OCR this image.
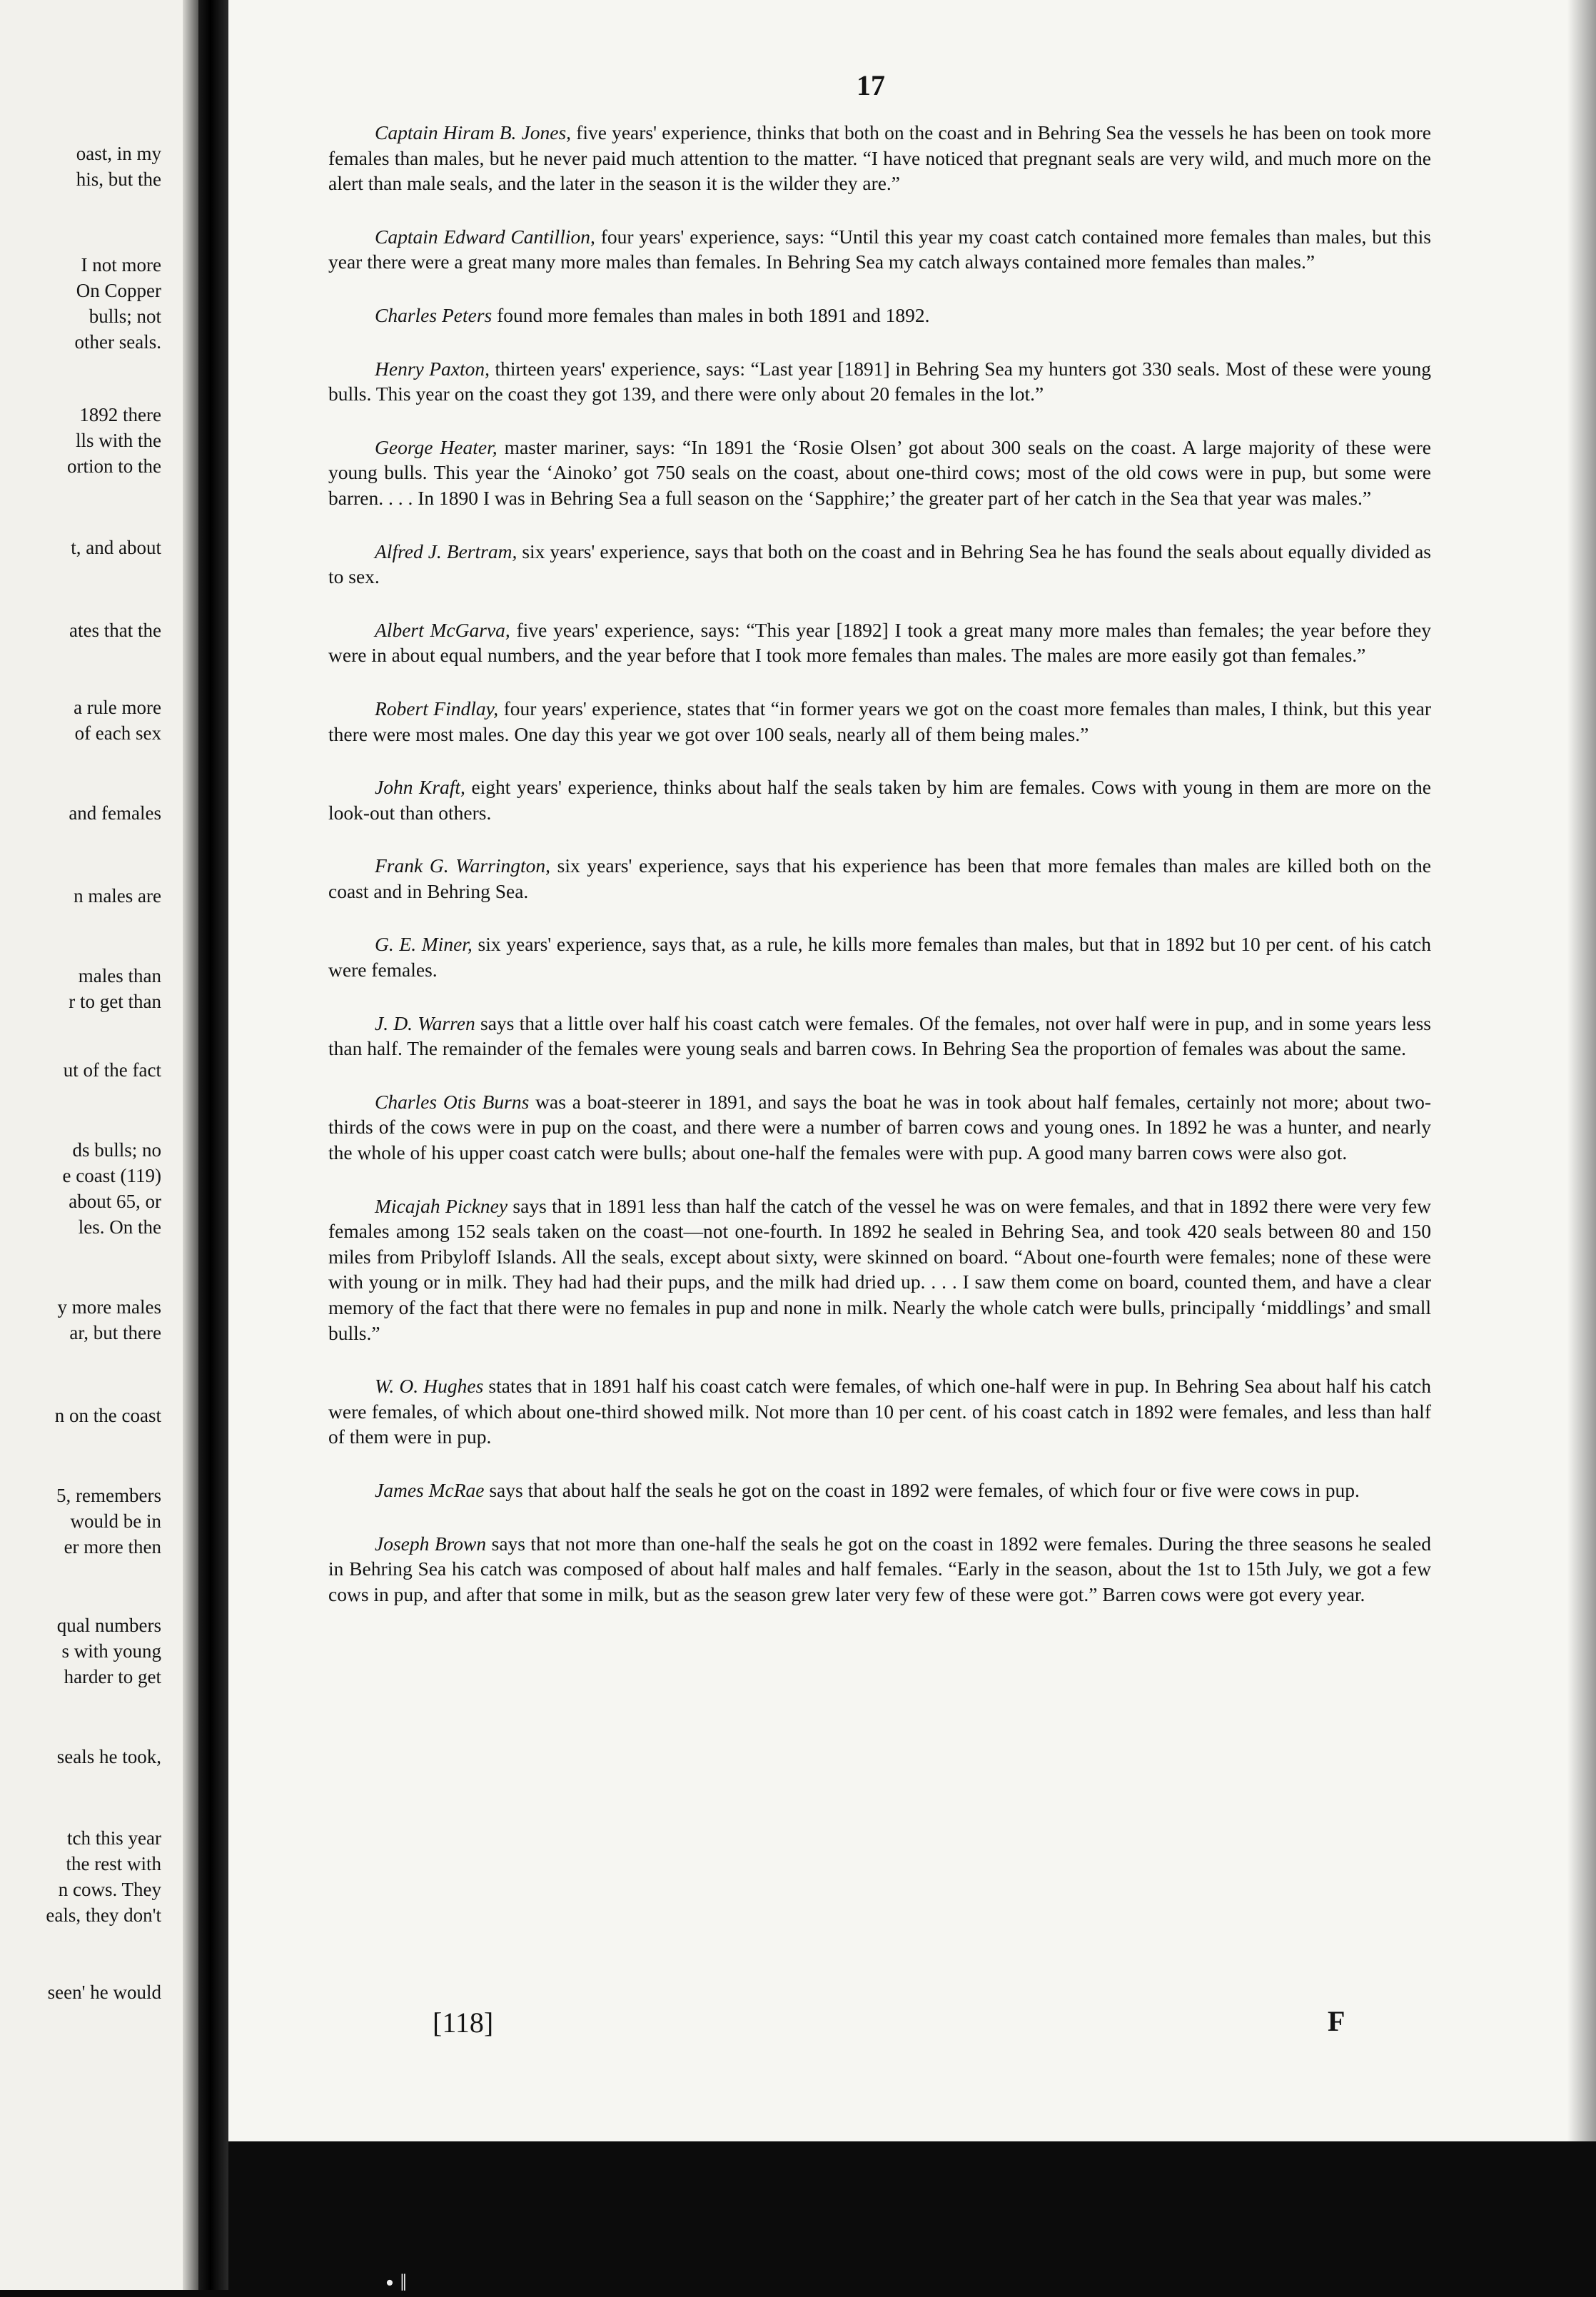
oast, in my
his, but the
I not more
On Copper
bulls; not
other seals.
1892 there
lls with the
ortion to the
t, and about
ates that the
a rule more
of each sex
and females
n males are
males than
r to get than
ut of the fact
ds bulls; no
e coast (119)
about 65, or
les. On the
y more males
ar, but there
n on the coast
5, remembers
would be in
er more then
qual numbers
s with young
harder to get
seals he took,
tch this year
the rest with
n cows. They
eals, they don't
seen' he would
17

Captain Hiram B. Jones, five years' experience, thinks that both on the coast and in Behring Sea the vessels he has been on took more females than males, but he never paid much attention to the matter. “I have noticed that pregnant seals are very wild, and much more on the alert than male seals, and the later in the season it is the wilder they are.”

Captain Edward Cantillion, four years' experience, says: “Until this year my coast catch contained more females than males, but this year there were a great many more males than females. In Behring Sea my catch always contained more females than males.”

Charles Peters found more females than males in both 1891 and 1892.

Henry Paxton, thirteen years' experience, says: “Last year [1891] in Behring Sea my hunters got 330 seals. Most of these were young bulls. This year on the coast they got 139, and there were only about 20 females in the lot.”

George Heater, master mariner, says: “In 1891 the ‘Rosie Olsen’ got about 300 seals on the coast. A large majority of these were young bulls. This year the ‘Ainoko’ got 750 seals on the coast, about one-third cows; most of the old cows were in pup, but some were barren. . . . In 1890 I was in Behring Sea a full season on the ‘Sapphire;’ the greater part of her catch in the Sea that year was males.”

Alfred J. Bertram, six years' experience, says that both on the coast and in Behring Sea he has found the seals about equally divided as to sex.

Albert McGarva, five years' experience, says: “This year [1892] I took a great many more males than females; the year before they were in about equal numbers, and the year before that I took more females than males. The males are more easily got than females.”

Robert Findlay, four years' experience, states that “in former years we got on the coast more females than males, I think, but this year there were most males. One day this year we got over 100 seals, nearly all of them being males.”

John Kraft, eight years' experience, thinks about half the seals taken by him are females. Cows with young in them are more on the look-out than others.

Frank G. Warrington, six years' experience, says that his experience has been that more females than males are killed both on the coast and in Behring Sea.

G. E. Miner, six years' experience, says that, as a rule, he kills more females than males, but that in 1892 but 10 per cent. of his catch were females.

J. D. Warren says that a little over half his coast catch were females. Of the females, not over half were in pup, and in some years less than half. The remainder of the females were young seals and barren cows. In Behring Sea the proportion of females was about the same.

Charles Otis Burns was a boat-steerer in 1891, and says the boat he was in took about half females, certainly not more; about two-thirds of the cows were in pup on the coast, and there were a number of barren cows and young ones. In 1892 he was a hunter, and nearly the whole of his upper coast catch were bulls; about one-half the females were with pup. A good many barren cows were also got.

Micajah Pickney says that in 1891 less than half the catch of the vessel he was on were females, and that in 1892 there were very few females among 152 seals taken on the coast—not one-fourth. In 1892 he sealed in Behring Sea, and took 420 seals between 80 and 150 miles from Pribyloff Islands. All the seals, except about sixty, were skinned on board. “About one-fourth were females; none of these were with young or in milk. They had had their pups, and the milk had dried up. . . . I saw them come on board, counted them, and have a clear memory of the fact that there were no females in pup and none in milk. Nearly the whole catch were bulls, principally ‘middlings’ and small bulls.”

W. O. Hughes states that in 1891 half his coast catch were females, of which one-half were in pup. In Behring Sea about half his catch were females, of which about one-third showed milk. Not more than 10 per cent. of his coast catch in 1892 were females, and less than half of them were in pup.

James McRae says that about half the seals he got on the coast in 1892 were females, of which four or five were cows in pup.

Joseph Brown says that not more than one-half the seals he got on the coast in 1892 were females. During the three seasons he sealed in Behring Sea his catch was composed of about half males and half females. “Early in the season, about the 1st to 15th July, we got a few cows in pup, and after that some in milk, but as the season grew later very few of these were got.” Barren cows were got every year.

[118]	F
• ‖
